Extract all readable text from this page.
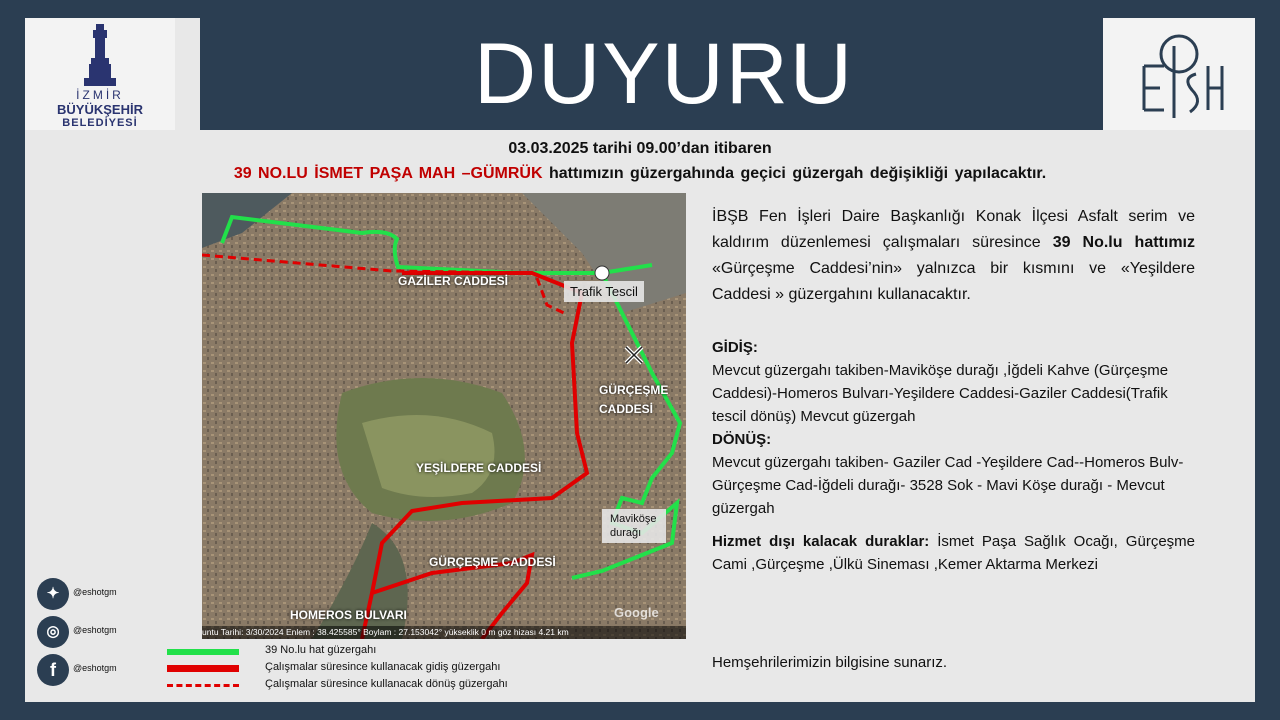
İZMİR
BÜYÜKŞEHİR
BELEDİYESİ
DUYURU
03.03.2025 tarihi 09.00’dan itibaren
39 NO.LU İSMET PAŞA MAH –GÜMRÜK hattımızın güzergahında geçici güzergah değişikliği yapılacaktır.
GAZİLER CADDESİ
Trafik Tescil
GÜRÇEŞME
CADDESİ
YEŞİLDERE CADDESİ
Maviköşe
durağı
GÜRÇEŞME CADDESİ
HOMEROS BULVARI	Google
untu Tarihi: 3/30/2024 Enlem : 38.425585° Boylam : 27.153042° yükseklik 0 m göz hizası 4.21 km
İBŞB Fen İşleri Daire Başkanlığı Konak İlçesi Asfalt serim ve kaldırım düzenlemesi çalışmaları süresince 39 No.lu hattımız «Gürçeşme Caddesi’nin» yalnızca bir kısmını ve «Yeşildere Caddesi » güzergahını kullanacaktır.
GİDİŞ:
Mevcut güzergahı takiben-Maviköşe durağı ,İğdeli Kahve (Gürçeşme Caddesi)-Homeros Bulvarı-Yeşildere Caddesi-Gaziler Caddesi(Trafik tescil dönüş) Mevcut güzergah
DÖNÜŞ:
Mevcut güzergahı takiben- Gaziler Cad -Yeşildere Cad--Homeros Bulv-Gürçeşme Cad-İğdeli durağı- 3528 Sok - Mavi Köşe durağı - Mevcut güzergah
Hizmet dışı kalacak duraklar: İsmet Paşa Sağlık Ocağı, Gürçeşme Cami ,Gürçeşme ,Ülkü Sineması ,Kemer Aktarma Merkezi
Hemşehrilerimizin bilgisine sunarız.
✦	@eshotgm
◎	@eshotgm
f	@eshotgm
39 No.lu hat güzergahı
Çalışmalar süresince kullanacak gidiş güzergahı
Çalışmalar süresince kullanacak dönüş güzergahı
